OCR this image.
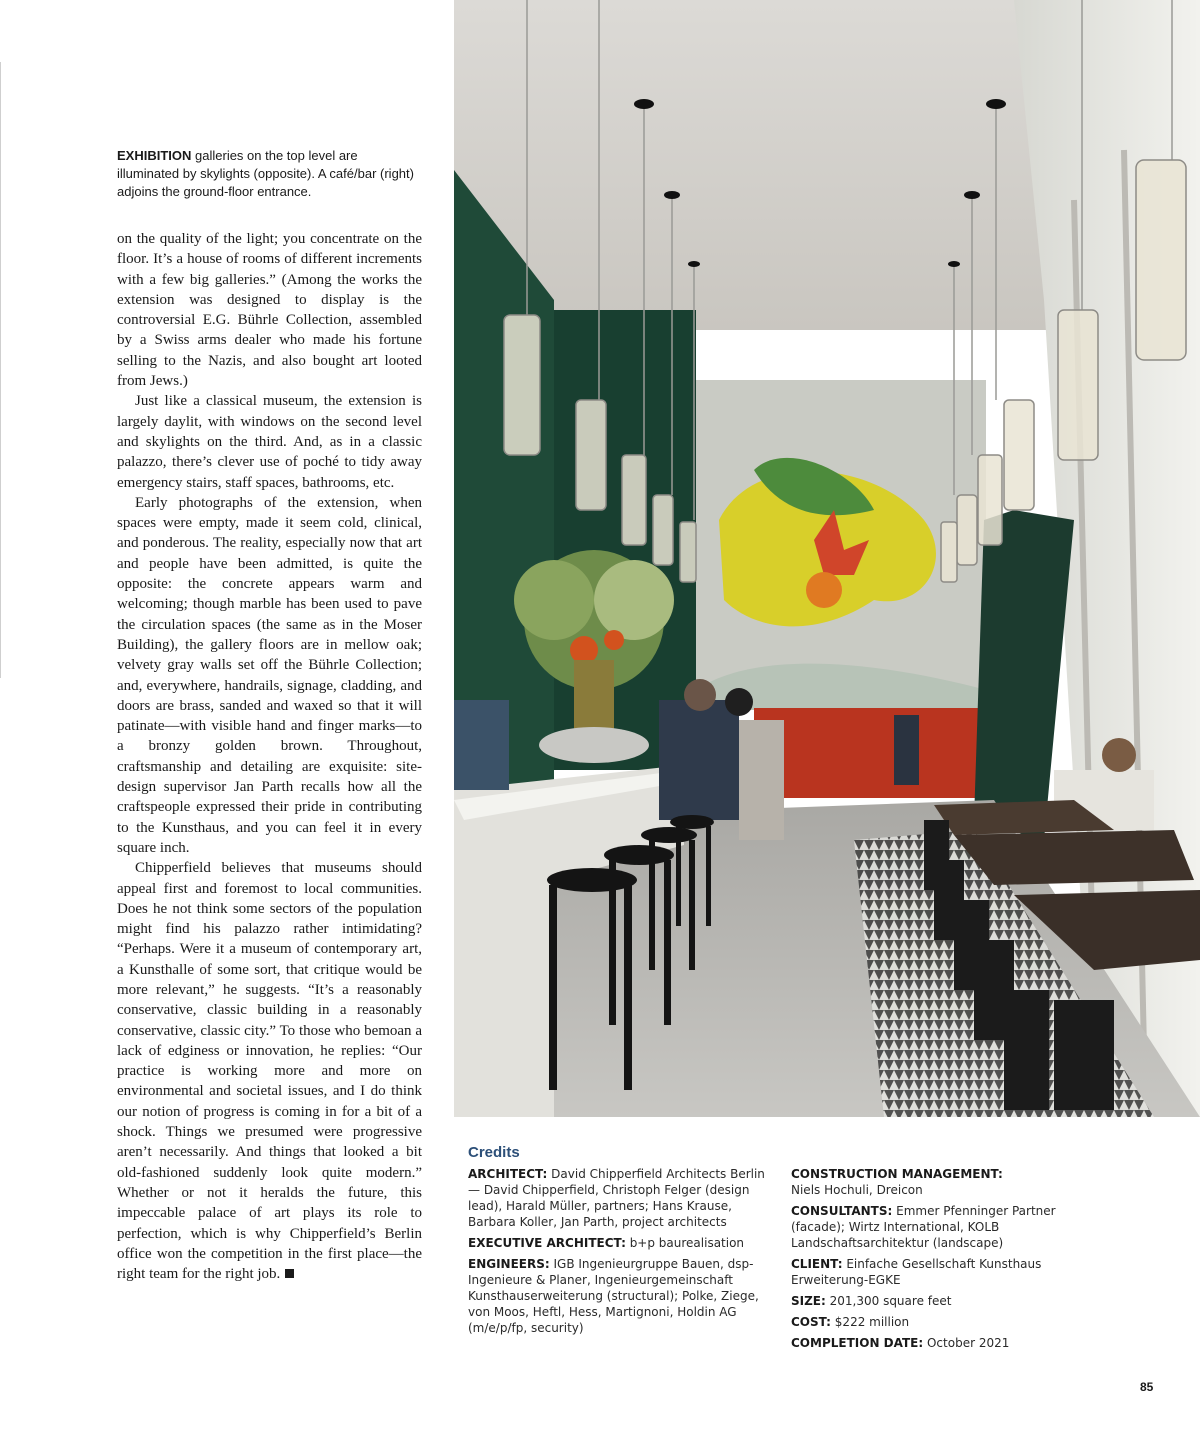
EXHIBITION galleries on the top level are illuminated by skylights (opposite). A café/bar (right) adjoins the ground-floor entrance.

on the quality of the light; you concentrate on the floor. It’s a house of rooms of different increments with a few big galleries.” (Among the works the extension was designed to display is the controversial E.G. Bührle Collection, assembled by a Swiss arms dealer who made his fortune selling to the Nazis, and also bought art looted from Jews.)

Just like a classical museum, the extension is largely daylit, with windows on the second level and skylights on the third. And, as in a classic palazzo, there’s clever use of poché to tidy away emergency stairs, staff spaces, bathrooms, etc.

Early photographs of the extension, when spaces were empty, made it seem cold, clinical, and ponderous. The reality, especially now that art and people have been admitted, is quite the opposite: the concrete appears warm and welcoming; though marble has been used to pave the circulation spaces (the same as in the Moser Building), the gallery floors are in mellow oak; velvety gray walls set off the Bührle Collection; and, everywhere, handrails, signage, cladding, and doors are brass, sanded and waxed so that it will patinate—with visible hand and finger marks—to a bronzy golden brown. Throughout, craftsmanship and detailing are exquisite: site-design supervisor Jan Parth recalls how all the craftspeople expressed their pride in contributing to the Kunsthaus, and you can feel it in every square inch.

Chipperfield believes that museums should appeal first and foremost to local communities. Does he not think some sectors of the population might find his palazzo rather intimidating? “Perhaps. Were it a museum of contemporary art, a Kunsthalle of some sort, that critique would be more relevant,” he suggests. “It’s a reasonably conservative, classic building in a reasonably conservative, classic city.” To those who bemoan a lack of edginess or innovation, he replies: “Our practice is working more and more on environmental and societal issues, and I do think our notion of progress is coming in for a bit of a shock. Things we presumed were progressive aren’t necessarily. And things that looked a bit old-fashioned suddenly look quite modern.” Whether or not it heralds the future, this impeccable palace of art plays its role to perfection, which is why Chipperfield’s Berlin office won the competition in the first place—the right team for the right job.

Credits
ARCHITECT: David Chipperfield Architects Berlin — David Chipperfield, Christoph Felger (design lead), Harald Müller, partners; Hans Krause, Barbara Koller, Jan Parth, project architects
EXECUTIVE ARCHITECT: b+p baurealisation
ENGINEERS: IGB Ingenieurgruppe Bauen, dsp-Ingenieure & Planer, Ingenieurgemeinschaft Kunsthauserweiterung (structural); Polke, Ziege, von Moos, Heftl, Hess, Martignoni, Holdin AG (m/e/p/fp, security)
CONSTRUCTION MANAGEMENT:
Niels Hochuli, Dreicon
CONSULTANTS: Emmer Pfenninger Partner (facade); Wirtz International, KOLB Landschaftsarchitektur (landscape)
CLIENT: Einfache Gesellschaft Kunsthaus Erweiterung-EGKE
SIZE: 201,300 square feet
COST: $222 million
COMPLETION DATE: October 2021
85
